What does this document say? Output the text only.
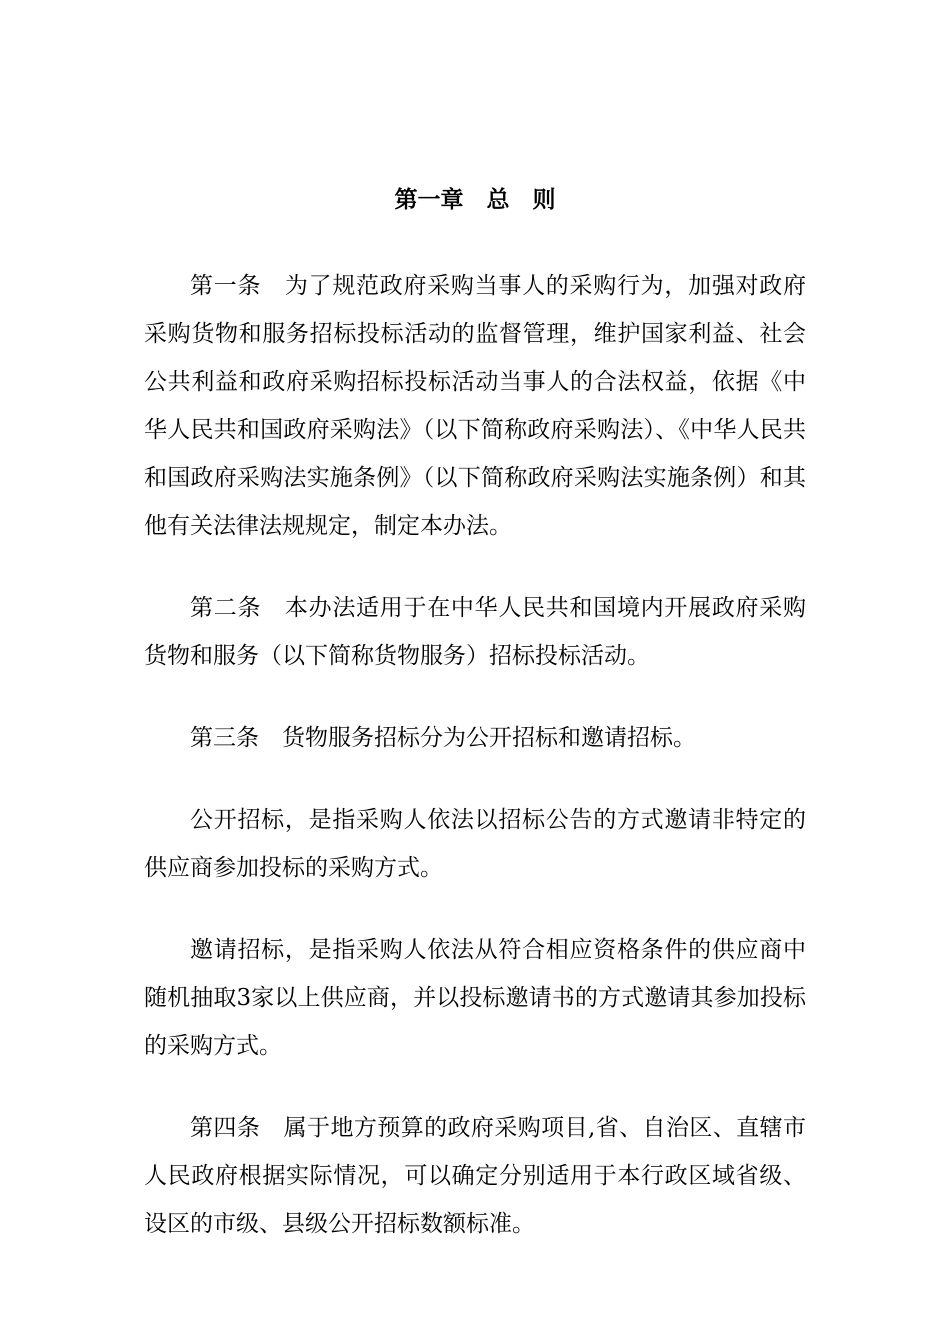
第一章　总　则

第一条　为了规范政府采购当事人的采购行为，加强对政府采购货物和服务招标投标活动的监督管理，维护国家利益、社会公共利益和政府采购招标投标活动当事人的合法权益，依据《中华人民共和国政府采购法》（以下简称政府采购法）、《中华人民共和国政府采购法实施条例》（以下简称政府采购法实施条例）和其他有关法律法规规定，制定本办法。

第二条　本办法适用于在中华人民共和国境内开展政府采购货物和服务（以下简称货物服务）招标投标活动。

第三条　货物服务招标分为公开招标和邀请招标。

公开招标，是指采购人依法以招标公告的方式邀请非特定的供应商参加投标的采购方式。

邀请招标，是指采购人依法从符合相应资格条件的供应商中随机抽取3家以上供应商，并以投标邀请书的方式邀请其参加投标的采购方式。

第四条　属于地方预算的政府采购项目,省、自治区、直辖市人民政府根据实际情况，可以确定分别适用于本行政区域省级、设区的市级、县级公开招标数额标准。
